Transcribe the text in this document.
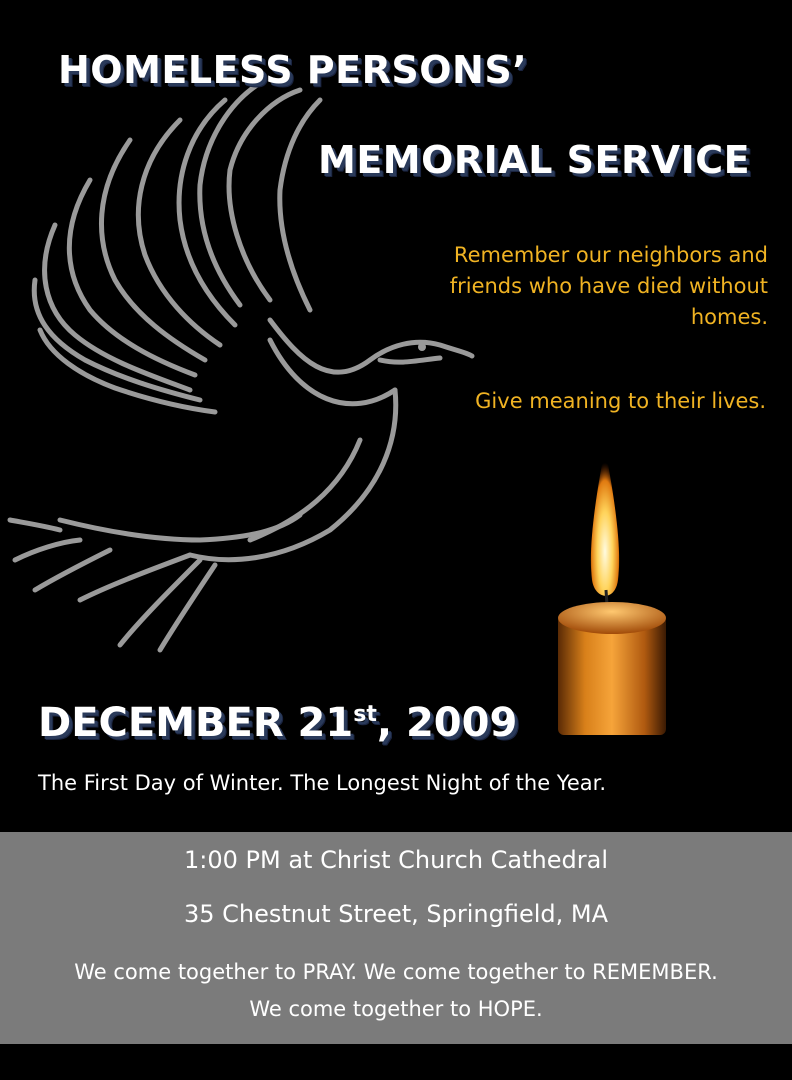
HOMELESS PERSONS’
MEMORIAL SERVICE
Remember our neighbors and
friends who have died without
homes.
Give meaning to their lives.
DECEMBER 21st, 2009
The First Day of Winter. The Longest Night of the Year.
1:00 PM at Christ Church Cathedral
35 Chestnut Street, Springfield, MA
We come together to PRAY. We come together to REMEMBER.
We come together to HOPE.
